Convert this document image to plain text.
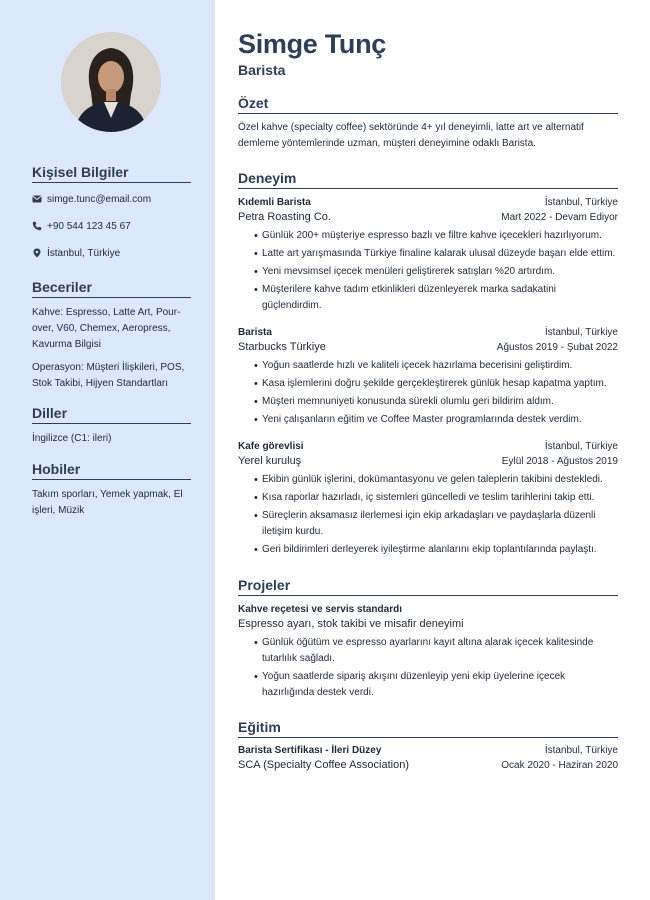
Kişisel Bilgiler
simge.tunc@email.com
+90 544 123 45 67
İstanbul, Türkiye
Beceriler

Kahve: Espresso, Latte Art, Pour-over, V60, Chemex, Aeropress, Kavurma Bilgisi

Operasyon: Müşteri İlişkileri, POS, Stok Takibi, Hijyen Standartları

Diller

İngilizce (C1: ileri)

Hobiler

Takım sporları, Yemek yapmak, El işleri, Müzik

Simge Tunç
Barista
Özet
Özel kahve (specialty coffee) sektöründe 4+ yıl deneyimli, latte art ve alternatif demleme yöntemlerinde uzman, müşteri deneyimine odaklı Barista.
Deneyim
Kıdemli Barista	İstanbul, Türkiye
Petra Roasting Co.	Mart 2022 - Devam Ediyor
• Günlük 200+ müşteriye espresso bazlı ve filtre kahve içecekleri hazırlıyorum.
• Latte art yarışmasında Türkiye finaline kalarak ulusal düzeyde başarı elde ettim.
• Yeni mevsimsel içecek menüleri geliştirerek satışları %20 artırdım.
• Müşterilere kahve tadım etkinlikleri düzenleyerek marka sadakatini güçlendirdim.
Barista	İstanbul, Türkiye
Starbucks Türkiye	Ağustos 2019 - Şubat 2022
• Yoğun saatlerde hızlı ve kaliteli içecek hazırlama becerisini geliştirdim.
• Kasa işlemlerini doğru şekilde gerçekleştirerek günlük hesap kapatma yaptım.
• Müşteri memnuniyeti konusunda sürekli olumlu geri bildirim aldım.
• Yeni çalışanların eğitim ve Coffee Master programlarında destek verdim.
Kafe görevlisi	İstanbul, Türkiye
Yerel kuruluş	Eylül 2018 - Ağustos 2019
• Ekibin günlük işlerini, dokümantasyonu ve gelen taleplerin takibini destekledi.
• Kısa raporlar hazırladı, iç sistemleri güncelledi ve teslim tarihlerini takip etti.
• Süreçlerin aksamasız ilerlemesi için ekip arkadaşları ve paydaşlarla düzenli iletişim kurdu.
• Geri bildirimleri derleyerek iyileştirme alanlarını ekip toplantılarında paylaştı.
Projeler
Kahve reçetesi ve servis standardı
Espresso ayarı, stok takibi ve misafir deneyimi
• Günlük öğütüm ve espresso ayarlarını kayıt altına alarak içecek kalitesinde tutarlılık sağladı.
• Yoğun saatlerde sipariş akışını düzenleyip yeni ekip üyelerine içecek hazırlığında destek verdi.
Eğitim
Barista Sertifikası - İleri Düzey	İstanbul, Türkiye
SCA (Specialty Coffee Association)	Ocak 2020 - Haziran 2020
